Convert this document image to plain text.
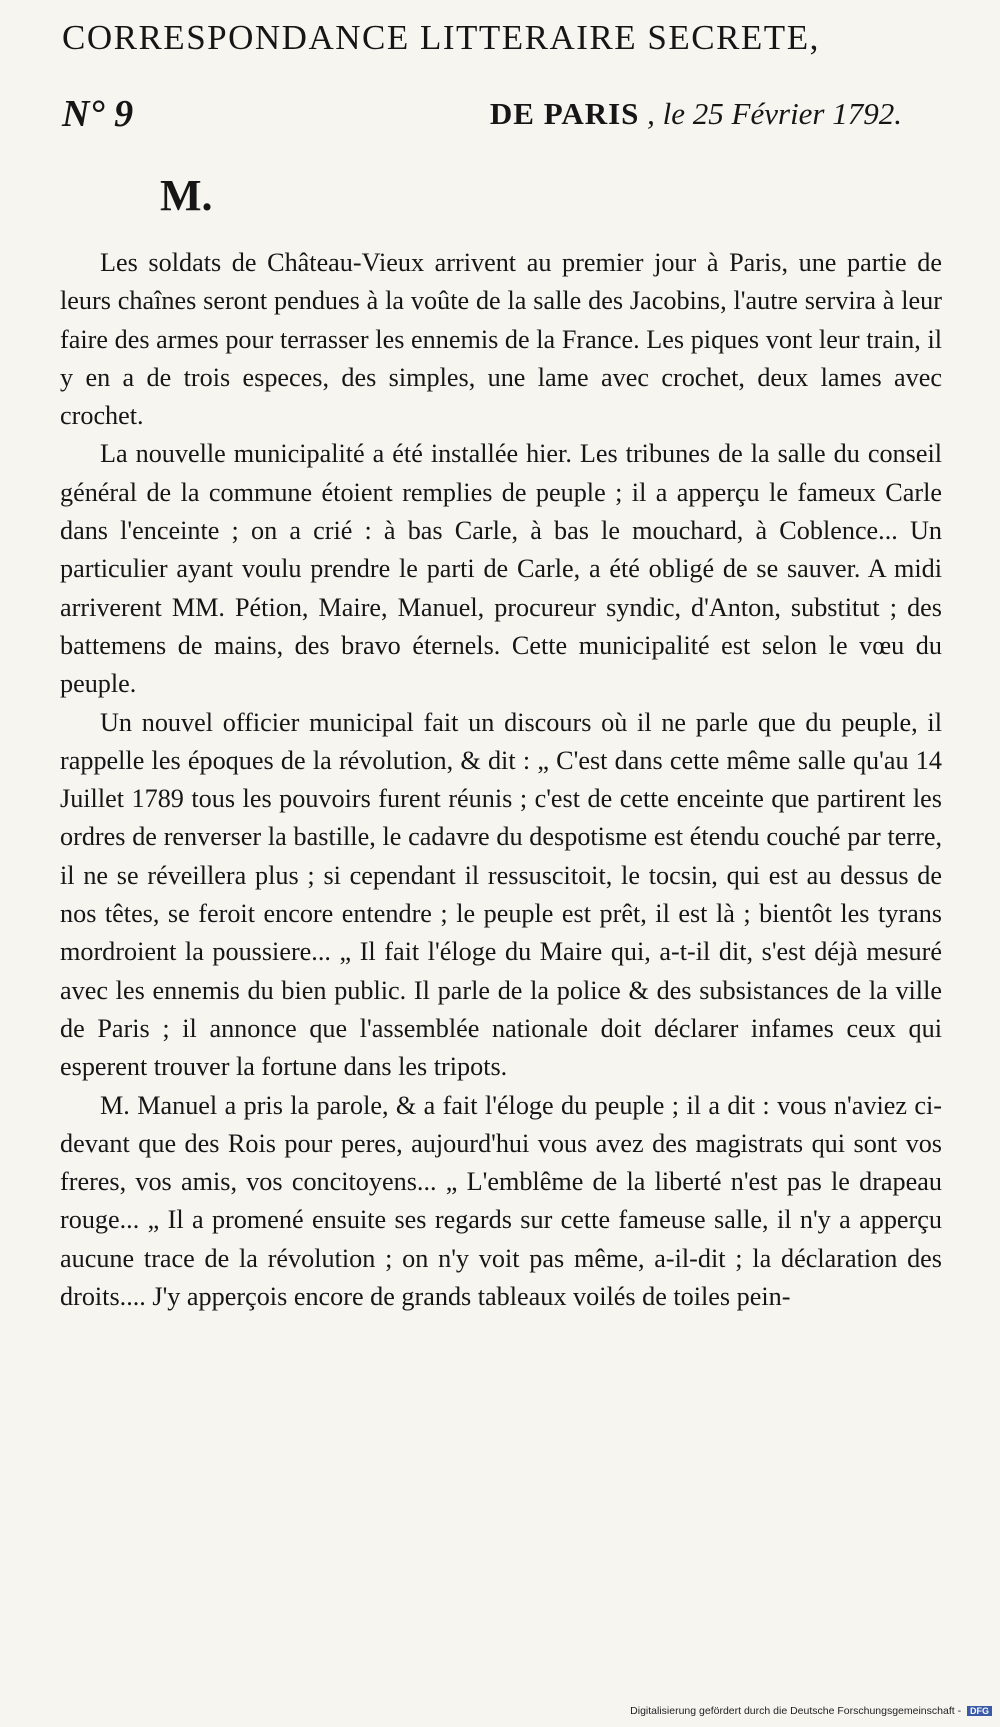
CORRESPONDANCE LITTERAIRE SECRETE,
N° 9	DE PARIS , le 25 Février 1792.
M.

Les soldats de Château-Vieux arrivent au premier jour à Paris, une partie de leurs chaînes seront pendues à la voûte de la salle des Jacobins, l'autre servira à leur faire des armes pour terrasser les ennemis de la France. Les piques vont leur train, il y en a de trois especes, des simples, une lame avec crochet, deux lames avec crochet.

La nouvelle municipalité a été installée hier. Les tribunes de la salle du conseil général de la commune étoient remplies de peuple ; il a apperçu le fameux Carle dans l'enceinte ; on a crié : à bas Carle, à bas le mouchard, à Coblence... Un particulier ayant voulu prendre le parti de Carle, a été obligé de se sauver. A midi arriverent MM. Pétion, Maire, Manuel, procureur syndic, d'Anton, substitut ; des battemens de mains, des bravo éternels. Cette municipalité est selon le vœu du peuple.

Un nouvel officier municipal fait un discours où il ne parle que du peuple, il rappelle les époques de la révolution, & dit : „ C'est dans cette même salle qu'au 14 Juillet 1789 tous les pouvoirs furent réunis ; c'est de cette enceinte que partirent les ordres de renverser la bastille, le cadavre du despotisme est étendu couché par terre, il ne se réveillera plus ; si cependant il ressuscitoit, le tocsin, qui est au dessus de nos têtes, se feroit encore entendre ; le peuple est prêt, il est là ; bientôt les tyrans mordroient la poussiere... „ Il fait l'éloge du Maire qui, a-t-il dit, s'est déjà mesuré avec les ennemis du bien public. Il parle de la police & des subsistances de la ville de Paris ; il annonce que l'assemblée nationale doit déclarer infames ceux qui esperent trouver la fortune dans les tripots.

M. Manuel a pris la parole, & a fait l'éloge du peuple ; il a dit : vous n'aviez ci-devant que des Rois pour peres, aujourd'hui vous avez des magistrats qui sont vos freres, vos amis, vos concitoyens... „ L'emblême de la liberté n'est pas le drapeau rouge... „ Il a promené ensuite ses regards sur cette fameuse salle, il n'y a apperçu aucune trace de la révolution ; on n'y voit pas même, a-il-dit ; la déclaration des droits.... J'y apperçois encore de grands tableaux voilés de toiles pein-

Digitalisierung gefördert durch die Deutsche Forschungsgemeinschaft - DFG
